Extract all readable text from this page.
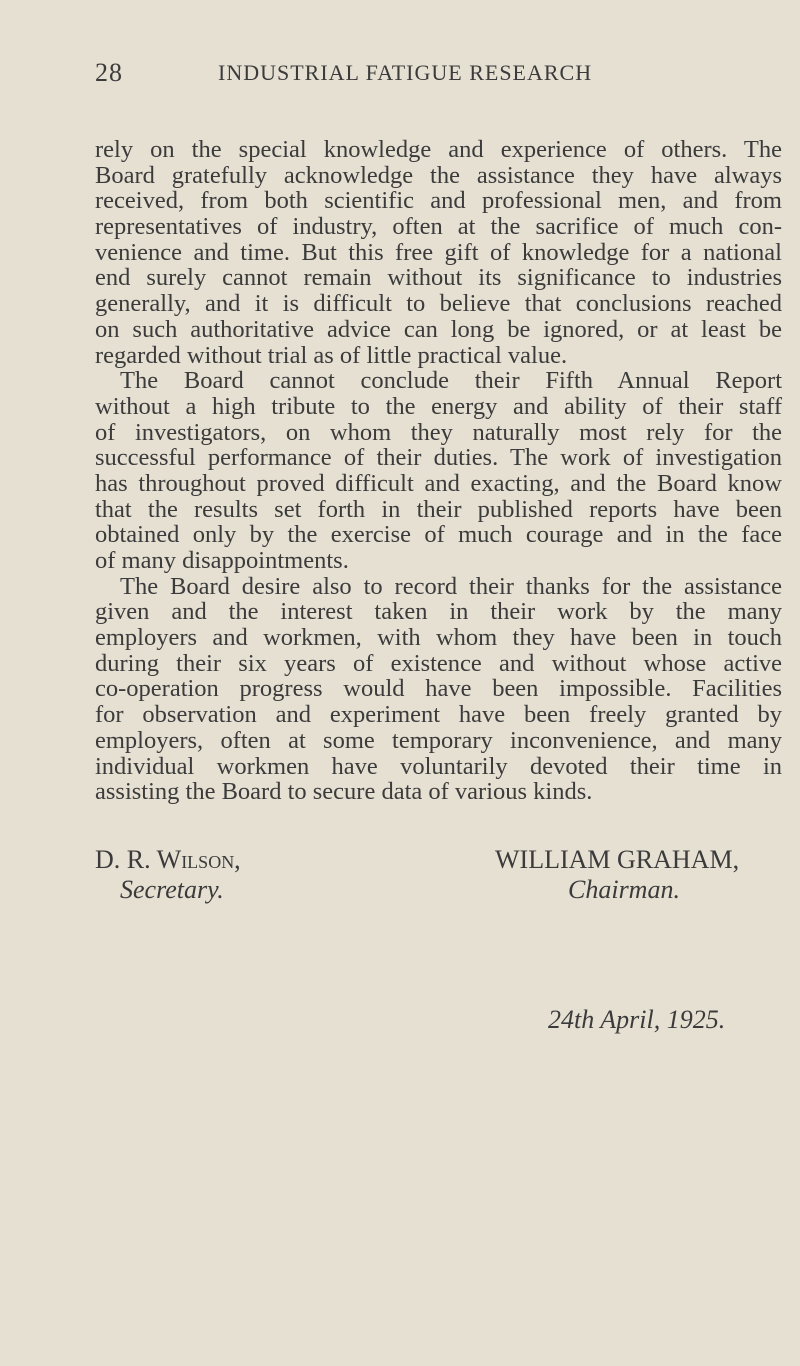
28	INDUSTRIAL FATIGUE RESEARCH
rely on the special knowledge and experience of others. The
Board gratefully acknowledge the assistance they have always
received, from both scientific and professional men, and from
representatives of industry, often at the sacrifice of much con-
venience and time. But this free gift of knowledge for a national
end surely cannot remain without its significance to industries
generally, and it is difficult to believe that conclusions reached
on such authoritative advice can long be ignored, or at least be
regarded without trial as of little practical value.
The Board cannot conclude their Fifth Annual Report
without a high tribute to the energy and ability of their staff
of investigators, on whom they naturally most rely for the
successful performance of their duties. The work of investigation
has throughout proved difficult and exacting, and the Board know
that the results set forth in their published reports have been
obtained only by the exercise of much courage and in the face
of many disappointments.
The Board desire also to record their thanks for the assistance
given and the interest taken in their work by the many
employers and workmen, with whom they have been in touch
during their six years of existence and without whose active
co-operation progress would have been impossible. Facilities
for observation and experiment have been freely granted by
employers, often at some temporary inconvenience, and many
individual workmen have voluntarily devoted their time in
assisting the Board to secure data of various kinds.
D. R. Wilson,
Secretary.
WILLIAM GRAHAM,
Chairman.
24th April, 1925.
